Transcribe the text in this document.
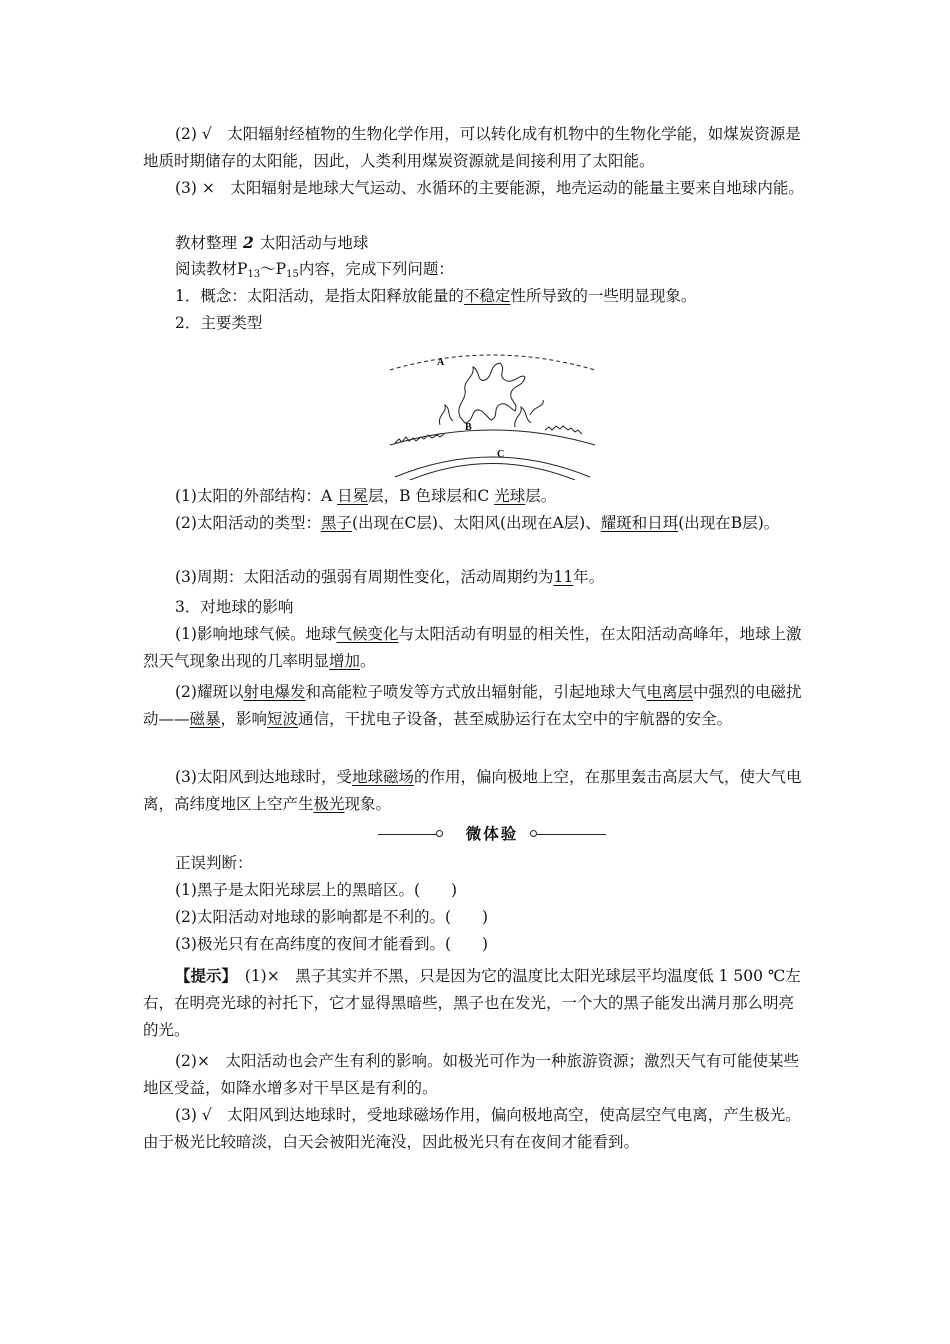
(2) √　太阳辐射经植物的生物化学作用，可以转化成有机物中的生物化学能，如煤炭资源是地质时期储存的太阳能，因此，人类利用煤炭资源就是间接利用了太阳能。
(3) ×　太阳辐射是地球大气运动、水循环的主要能源，地壳运动的能量主要来自地球内能。
教材整理 2 太阳活动与地球
阅读教材$P_{13}\sim P_{15}$内容，完成下列问题：
1．概念：太阳活动，是指太阳释放能量的不稳定性所导致的一些明显现象。
2．主要类型
A
B
C
(1)太阳的外部结构：A 日冕层，B 色球层和C 光球层。
(2)太阳活动的类型：黑子(出现在C层)、太阳风(出现在A层)、耀斑和日珥(出现在B层)。
(3)周期：太阳活动的强弱有周期性变化，活动周期约为11年。
3．对地球的影响
(1)影响地球气候。地球气候变化与太阳活动有明显的相关性，在太阳活动高峰年，地球上激烈天气现象出现的几率明显增加。
(2)耀斑以射电爆发和高能粒子喷发等方式放出辐射能，引起地球大气电离层中强烈的电磁扰动——磁暴，影响短波通信，干扰电子设备，甚至威胁运行在太空中的宇航器的安全。
(3)太阳风到达地球时，受地球磁场的作用，偏向极地上空，在那里轰击高层大气，使大气电离，高纬度地区上空产生极光现象。
微体验
正误判断：
(1)黑子是太阳光球层上的黑暗区。(　　)
(2)太阳活动对地球的影响都是不利的。(　　)
(3)极光只有在高纬度的夜间才能看到。(　　)
【提示】　(1)×　黑子其实并不黑，只是因为它的温度比太阳光球层平均温度低 1 500 ℃左右，在明亮光球的衬托下，它才显得黑暗些，黑子也在发光，一个大的黑子能发出满月那么明亮的光。
(2)×　太阳活动也会产生有利的影响。如极光可作为一种旅游资源；激烈天气有可能使某些地区受益，如降水增多对干旱区是有利的。
(3) √　太阳风到达地球时，受地球磁场作用，偏向极地高空，使高层空气电离，产生极光。由于极光比较暗淡，白天会被阳光淹没，因此极光只有在夜间才能看到。
